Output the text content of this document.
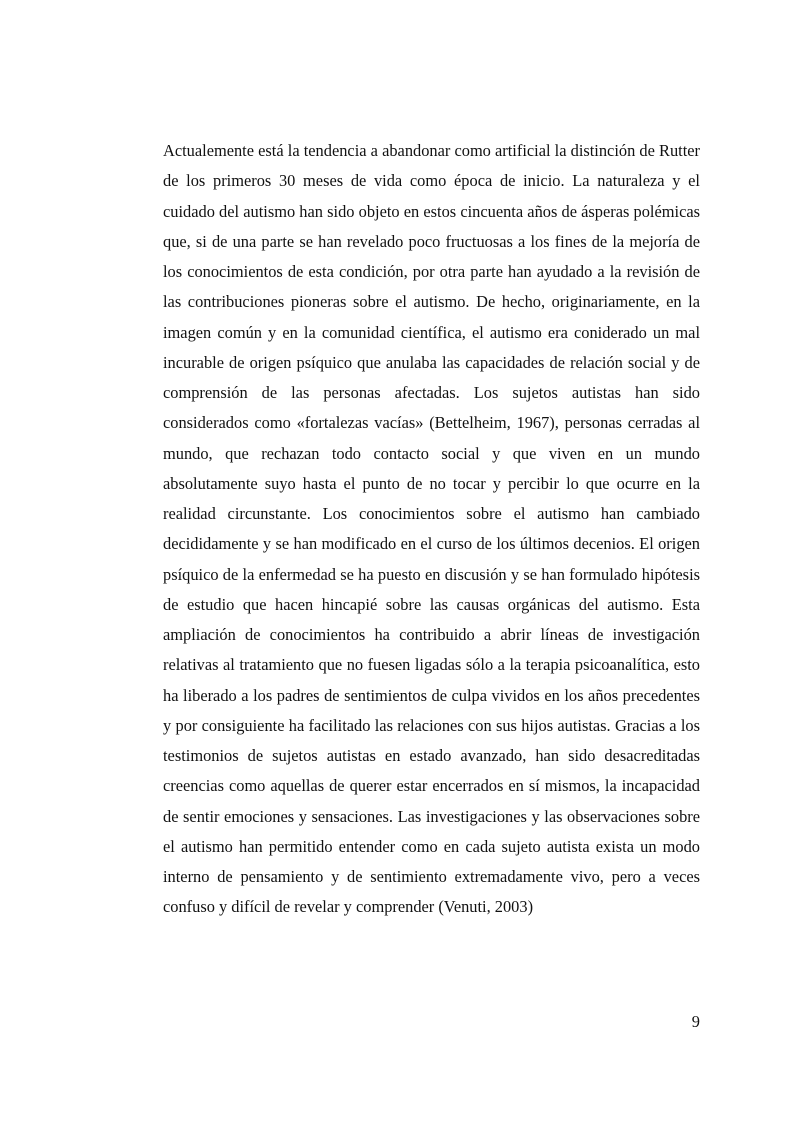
Actualemente está la tendencia a abandonar como artificial la distinción de Rutter de los primeros 30 meses de vida como época de inicio. La naturaleza y el cuidado del autismo han sido objeto en estos cincuenta años de ásperas polémicas que, si de una parte se han revelado poco fructuosas a los fines de la mejoría de los conocimientos de esta condición, por otra parte han ayudado a la revisión de las contribuciones pioneras sobre el autismo. De hecho, originariamente, en la imagen común y en la comunidad científica, el autismo era coniderado un mal incurable de origen psíquico que anulaba las capacidades de relación social y de comprensión de las personas afectadas. Los sujetos autistas han sido considerados como «fortalezas vacías» (Bettelheim, 1967), personas cerradas al mundo, que rechazan todo contacto social y que viven en un mundo absolutamente suyo hasta el punto de no tocar y percibir lo que ocurre en la realidad circunstante. Los conocimientos sobre el autismo han cambiado decididamente y se han modificado en el curso de los últimos decenios. El origen psíquico de la enfermedad se ha puesto en discusión y se han formulado hipótesis de estudio que hacen hincapié sobre las causas orgánicas del autismo. Esta ampliación de conocimientos ha contribuido a abrir líneas de investigación relativas al tratamiento que no fuesen ligadas sólo a la terapia psicoanalítica, esto ha liberado a los padres de sentimientos de culpa vividos en los años precedentes y por consiguiente ha facilitado las relaciones con sus hijos autistas. Gracias a los testimonios de sujetos autistas en estado avanzado, han sido desacreditadas creencias como aquellas de querer estar encerrados en sí mismos, la incapacidad de sentir emociones y sensaciones. Las investigaciones y las observaciones sobre el autismo han permitido entender como en cada sujeto autista exista un modo interno de pensamiento y de sentimiento extremadamente vivo, pero a veces confuso y difícil de revelar y comprender (Venuti, 2003)

9
